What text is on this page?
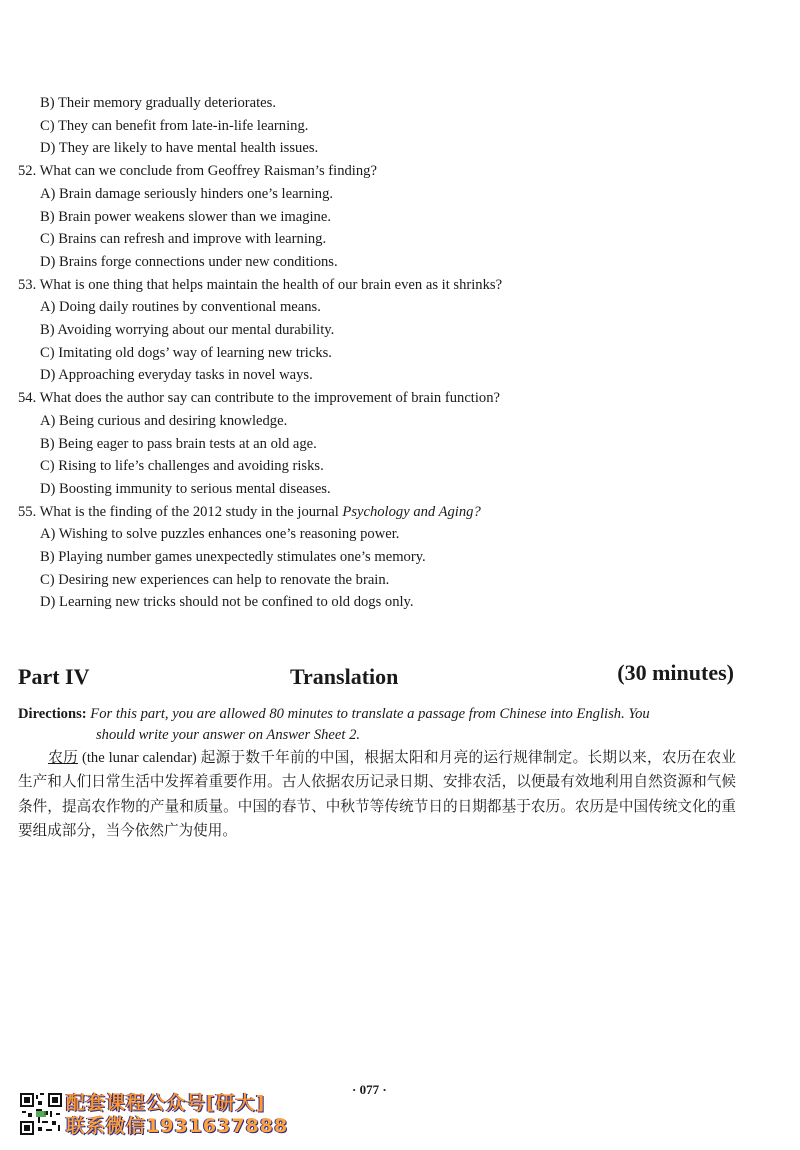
B) Their memory gradually deteriorates.
C) They can benefit from late-in-life learning.
D) They are likely to have mental health issues.
52. What can we conclude from Geoffrey Raisman’s finding?
A) Brain damage seriously hinders one’s learning.
B) Brain power weakens slower than we imagine.
C) Brains can refresh and improve with learning.
D) Brains forge connections under new conditions.
53. What is one thing that helps maintain the health of our brain even as it shrinks?
A) Doing daily routines by conventional means.
B) Avoiding worrying about our mental durability.
C) Imitating old dogs’ way of learning new tricks.
D) Approaching everyday tasks in novel ways.
54. What does the author say can contribute to the improvement of brain function?
A) Being curious and desiring knowledge.
B) Being eager to pass brain tests at an old age.
C) Rising to life’s challenges and avoiding risks.
D) Boosting immunity to serious mental diseases.
55. What is the finding of the 2012 study in the journal Psychology and Aging?
A) Wishing to solve puzzles enhances one’s reasoning power.
B) Playing number games unexpectedly stimulates one’s memory.
C) Desiring new experiences can help to renovate the brain.
D) Learning new tricks should not be confined to old dogs only.
Part IV	Translation	(30 minutes)
Directions: For this part, you are allowed 80 minutes to translate a passage from Chinese into English. You
should write your answer on Answer Sheet 2.
农历 (the lunar calendar) 起源于数千年前的中国，根据太阳和月亮的运行规律制定。长期以来，农历在农业生产和人们日常生活中发挥着重要作用。古人依据农历记录日期、安排农活，以便最有效地利用自然资源和气候条件，提高农作物的产量和质量。中国的春节、中秋节等传统节日的日期都基于农历。农历是中国传统文化的重要组成部分，当今依然广为使用。
· 077 ·
配套课程公众号[研大]
联系微信1931637888
